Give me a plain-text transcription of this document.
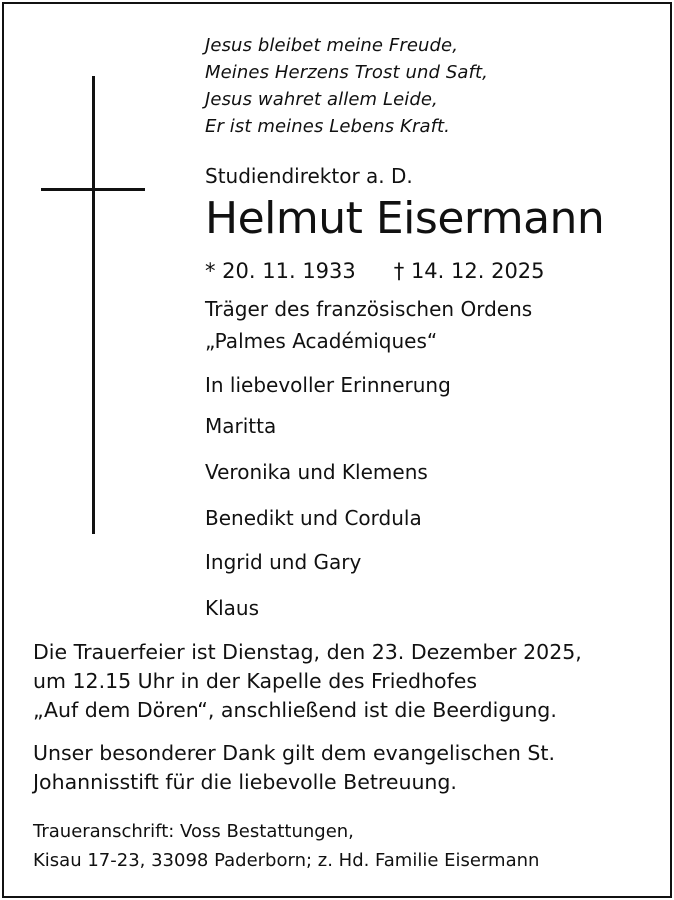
Jesus bleibet meine Freude,
Meines Herzens Trost und Saft,
Jesus wahret allem Leide,
Er ist meines Lebens Kraft.
Studiendirektor a. D.
Helmut Eisermann
* 20. 11. 1933 † 14. 12. 2025
Träger des französischen Ordens
„Palmes Académiques“
In liebevoller Erinnerung
Maritta
Veronika und Klemens
Benedikt und Cordula
Ingrid und Gary
Klaus
Die Trauerfeier ist Dienstag, den 23. Dezember 2025,
um 12.15 Uhr in der Kapelle des Friedhofes
„Auf dem Dören“, anschließend ist die Beerdigung.
Unser besonderer Dank gilt dem evangelischen St.
Johannisstift für die liebevolle Betreuung.
Traueranschrift: Voss Bestattungen,
Kisau 17-23, 33098 Paderborn; z. Hd. Familie Eisermann
